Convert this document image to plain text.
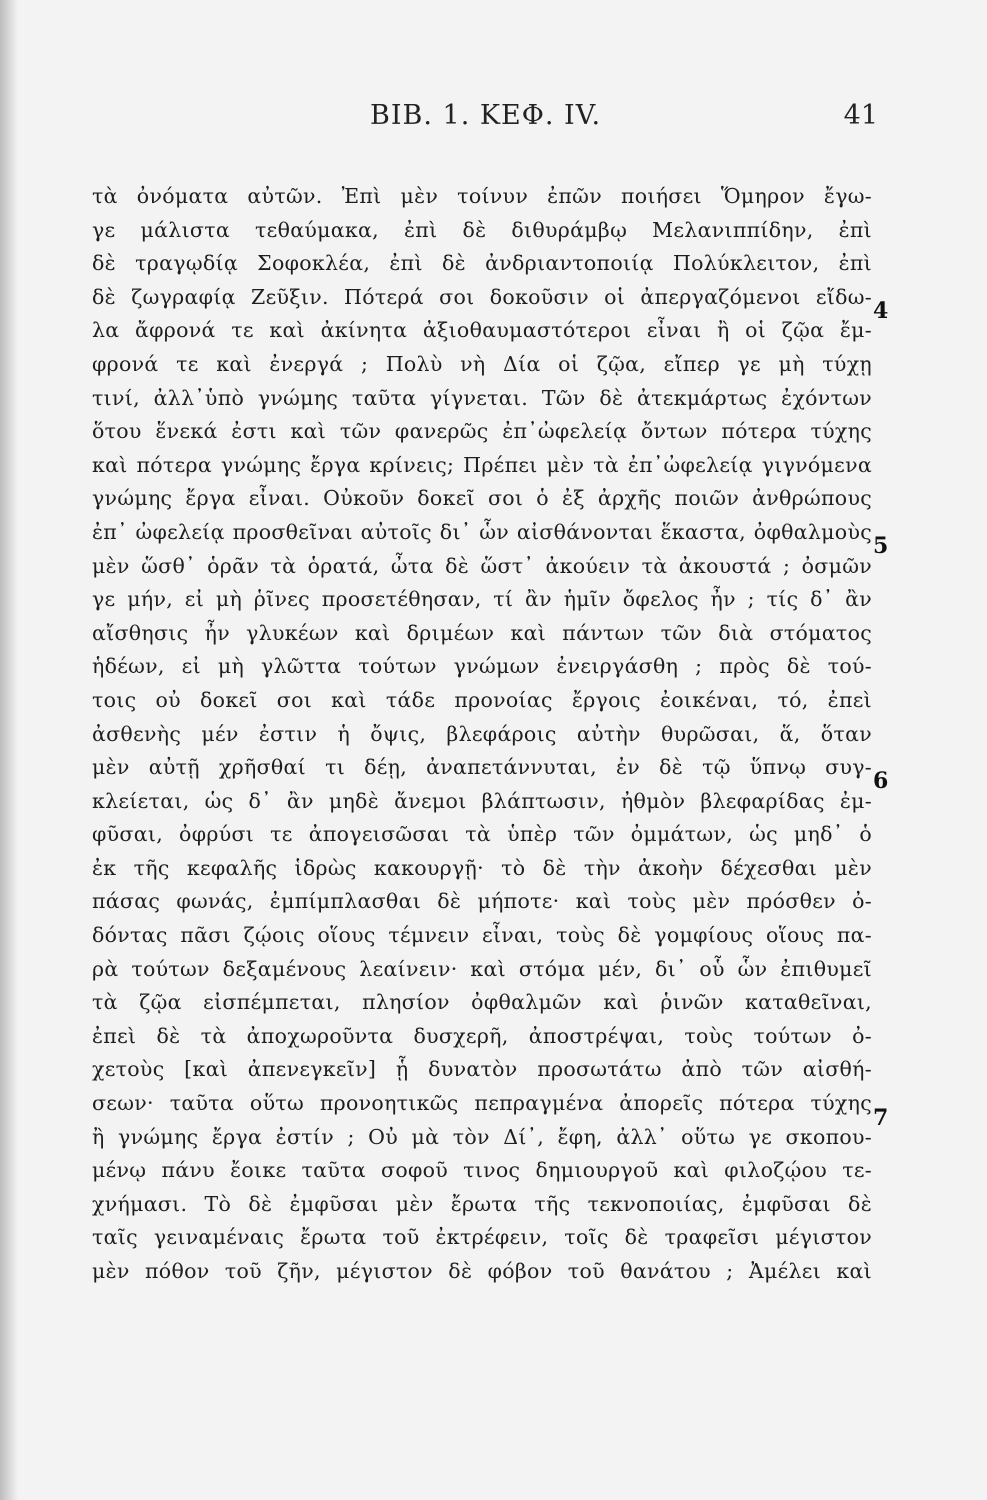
ΒΙΒ. 1. ΚΕΦ. IV.	41
τὰ ὀνόματα αὐτῶν. Ἐπὶ μὲν τοίνυν ἐπῶν ποιήσει Ὅμηρον ἔγω-
γε μάλιστα τεθαύμακα, ἐπὶ δὲ διθυράμβῳ Μελανιππίδην, ἐπὶ
δὲ τραγῳδίᾳ Σοφοκλέα, ἐπὶ δὲ ἀνδριαντοποιίᾳ Πολύκλειτον, ἐπὶ
δὲ ζωγραφίᾳ Ζεῦξιν. Πότερά σοι δοκοῦσιν οἱ ἀπεργαζόμενοι εἴδω-
λα ἄφρονά τε καὶ ἀκίνητα ἀξιοθαυμαστότεροι εἶναι ἢ οἱ ζῷα ἔμ-
φρονά τε καὶ ἐνεργά ; Πολὺ νὴ Δία οἱ ζῷα, εἴπερ γε μὴ τύχῃ
τινί, ἀλλ᾽ὑπὸ γνώμης ταῦτα γίγνεται. Τῶν δὲ ἀτεκμάρτως ἐχόντων
ὅτου ἕνεκά ἐστι καὶ τῶν φανερῶς ἐπ᾽ὠφελείᾳ ὄντων πότερα τύχης
καὶ πότερα γνώμης ἔργα κρίνεις; Πρέπει μὲν τὰ ἐπ᾽ὠφελείᾳ γιγνόμενα
γνώμης ἔργα εἶναι. Οὐκοῦν δοκεῖ σοι ὁ ἐξ ἀρχῆς ποιῶν ἀνθρώπους
ἐπ᾽ ὠφελείᾳ προσθεῖναι αὐτοῖς δι᾽ ὧν αἰσθάνονται ἕκαστα, ὀφθαλμοὺς
μὲν ὥσθ᾽ ὁρᾶν τὰ ὁρατά, ὦτα δὲ ὥστ᾽ ἀκούειν τὰ ἀκουστά ; ὀσμῶν
γε μήν, εἰ μὴ ῥῖνες προσετέθησαν, τί ἂν ἡμῖν ὄφελος ἦν ; τίς δ᾽ ἂν
αἴσθησις ἦν γλυκέων καὶ δριμέων καὶ πάντων τῶν διὰ στόματος
ἡδέων, εἰ μὴ γλῶττα τούτων γνώμων ἐνειργάσθη ; πρὸς δὲ τού-
τοις οὐ δοκεῖ σοι καὶ τάδε προνοίας ἔργοις ἐοικέναι, τό, ἐπεὶ
ἀσθενὴς μέν ἐστιν ἡ ὄψις, βλεφάροις αὐτὴν θυρῶσαι, ἅ, ὅταν
μὲν αὐτῇ χρῆσθαί τι δέῃ, ἀναπετάννυται, ἐν δὲ τῷ ὕπνῳ συγ-
κλείεται, ὡς δ᾽ ἂν μηδὲ ἄνεμοι βλάπτωσιν, ἠθμὸν βλεφαρίδας ἐμ-
φῦσαι, ὀφρύσι τε ἀπογεισῶσαι τὰ ὑπὲρ τῶν ὀμμάτων, ὡς μηδ᾽ ὁ
ἐκ τῆς κεφαλῆς ἱδρὼς κακουργῇ· τὸ δὲ τὴν ἀκοὴν δέχεσθαι μὲν
πάσας φωνάς, ἐμπίμπλασθαι δὲ μήποτε· καὶ τοὺς μὲν πρόσθεν ὀ-
δόντας πᾶσι ζῴοις οἵους τέμνειν εἶναι, τοὺς δὲ γομφίους οἵους πα-
ρὰ τούτων δεξαμένους λεαίνειν· καὶ στόμα μέν, δι᾽ οὗ ὧν ἐπιθυμεῖ
τὰ ζῷα εἰσπέμπεται, πλησίον ὀφθαλμῶν καὶ ῥινῶν καταθεῖναι,
ἐπεὶ δὲ τὰ ἀποχωροῦντα δυσχερῆ, ἀποστρέψαι, τοὺς τούτων ὀ-
χετοὺς [καὶ ἀπενεγκεῖν] ᾗ δυνατὸν προσωτάτω ἀπὸ τῶν αἰσθή-
σεων· ταῦτα οὕτω προνοητικῶς πεπραγμένα ἀπορεῖς πότερα τύχης
ἢ γνώμης ἔργα ἐστίν ; Οὐ μὰ τὸν Δί᾽, ἔφη, ἀλλ᾽ οὕτω γε σκοπου-
μένῳ πάνυ ἔοικε ταῦτα σοφοῦ τινος δημιουργοῦ καὶ φιλοζῴου τε-
χνήμασι. Τὸ δὲ ἐμφῦσαι μὲν ἔρωτα τῆς τεκνοποιίας, ἐμφῦσαι δὲ
ταῖς γειναμέναις ἔρωτα τοῦ ἐκτρέφειν, τοῖς δὲ τραφεῖσι μέγιστον
μὲν πόθον τοῦ ζῆν, μέγιστον δὲ φόβον τοῦ θανάτου ; Ἀμέλει καὶ
4
5
6
7
